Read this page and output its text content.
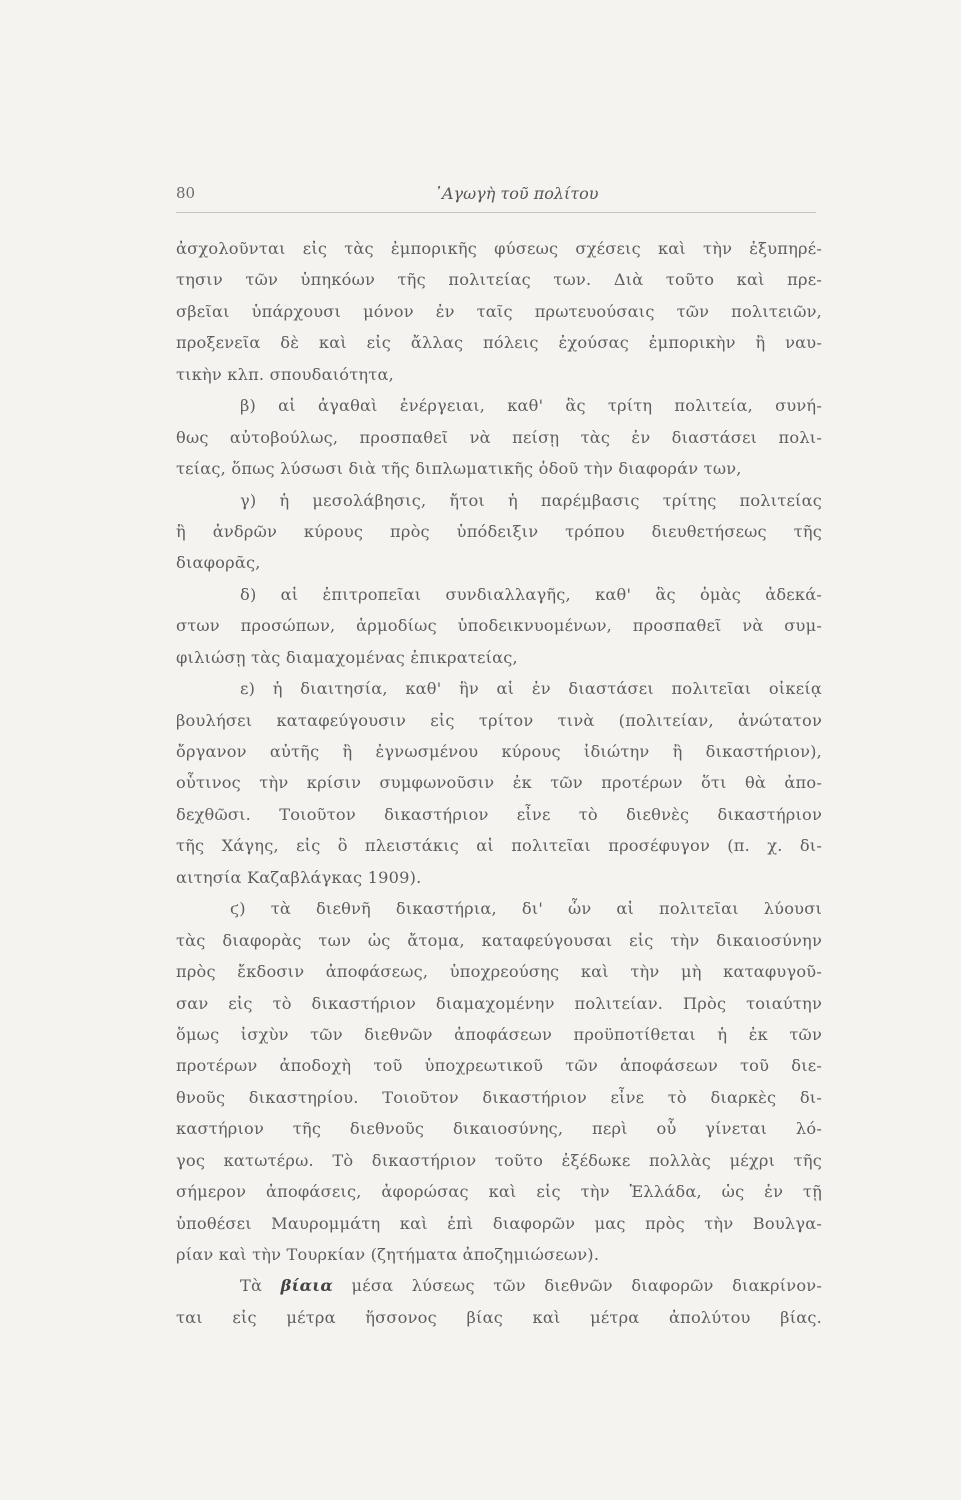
80	᾿Αγωγὴ τοῦ πολίτου
ἀσχολοῦνται εἰς τὰς ἐμπορικῆς φύσεως σχέσεις καὶ τὴν ἐξυπηρέ-
τησιν τῶν ὑπηκόων τῆς πολιτείας των. Διὰ τοῦτο καὶ πρε-
σβεῖαι ὑπάρχουσι μόνον ἐν ταῖς πρωτευούσαις τῶν πολιτειῶν,
προξενεῖα δὲ καὶ εἰς ἄλλας πόλεις ἐχούσας ἐμπορικὴν ἢ ναυ-
τικὴν κλπ. σπουδαιότητα,
β) αἱ ἀγαθαὶ ἐνέργειαι, καθ' ἃς τρίτη πολιτεία, συνή-
θως αὐτοβούλως, προσπαθεῖ νὰ πείσῃ τὰς ἐν διαστάσει πολι-
τείας, ὅπως λύσωσι διὰ τῆς διπλωματικῆς ὁδοῦ τὴν διαφοράν των,
γ) ἡ μεσολάβησις, ἤτοι ἡ παρέμβασις τρίτης πολιτείας
ἢ ἀνδρῶν κύρους πρὸς ὑπόδειξιν τρόπου διευθετήσεως τῆς
διαφορᾶς,
δ) αἱ ἐπιτροπεῖαι συνδιαλλαγῆς, καθ' ἃς ὁμὰς ἀδεκά-
στων προσώπων, ἁρμοδίως ὑποδεικνυομένων, προσπαθεῖ νὰ συμ-
φιλιώσῃ τὰς διαμαχομένας ἐπικρατείας,
ε) ἡ διαιτησία, καθ' ἣν αἱ ἐν διαστάσει πολιτεῖαι οἰκείᾳ
βουλήσει καταφεύγουσιν εἰς τρίτον τινὰ (πολιτείαν, ἀνώτατον
ὄργανον αὐτῆς ἢ ἐγνωσμένου κύρους ἰδιώτην ἢ δικαστήριον),
οὗτινος τὴν κρίσιν συμφωνοῦσιν ἐκ τῶν προτέρων ὅτι θὰ ἀπο-
δεχθῶσι. Τοιοῦτον δικαστήριον εἶνε τὸ διεθνὲς δικαστήριον
τῆς Χάγης, εἰς ὃ πλειστάκις αἱ πολιτεῖαι προσέφυγον (π. χ. δι-
αιτησία Καζαβλάγκας 1909).
ϛ) τὰ διεθνῆ δικαστήρια, δι' ὧν αἱ πολιτεῖαι λύουσι
τὰς διαφορὰς των ὡς ἄτομα, καταφεύγουσαι εἰς τὴν δικαιοσύνην
πρὸς ἔκδοσιν ἀποφάσεως, ὑποχρεούσης καὶ τὴν μὴ καταφυγοῦ-
σαν εἰς τὸ δικαστήριον διαμαχομένην πολιτείαν. Πρὸς τοιαύτην
ὅμως ἰσχὺν τῶν διεθνῶν ἀποφάσεων προϋποτίθεται ἡ ἐκ τῶν
προτέρων ἀποδοχὴ τοῦ ὑποχρεωτικοῦ τῶν ἀποφάσεων τοῦ διε-
θνοῦς δικαστηρίου. Τοιοῦτον δικαστήριον εἶνε τὸ διαρκὲς δι-
καστήριον τῆς διεθνοῦς δικαιοσύνης, περὶ οὗ γίνεται λό-
γος κατωτέρω. Τὸ δικαστήριον τοῦτο ἐξέδωκε πολλὰς μέχρι τῆς
σήμερον ἀποφάσεις, ἀφορώσας καὶ εἰς τὴν Ἑλλάδα, ὡς ἐν τῇ
ὑποθέσει Μαυρομμάτη καὶ ἐπὶ διαφορῶν μας πρὸς τὴν Βουλγα-
ρίαν καὶ τὴν Τουρκίαν (ζητήματα ἀποζημιώσεων).
Τὰ βίαια μέσα λύσεως τῶν διεθνῶν διαφορῶν διακρίνον-
ται εἰς μέτρα ἥσσονος βίας καὶ μέτρα ἀπολύτου βίας.
